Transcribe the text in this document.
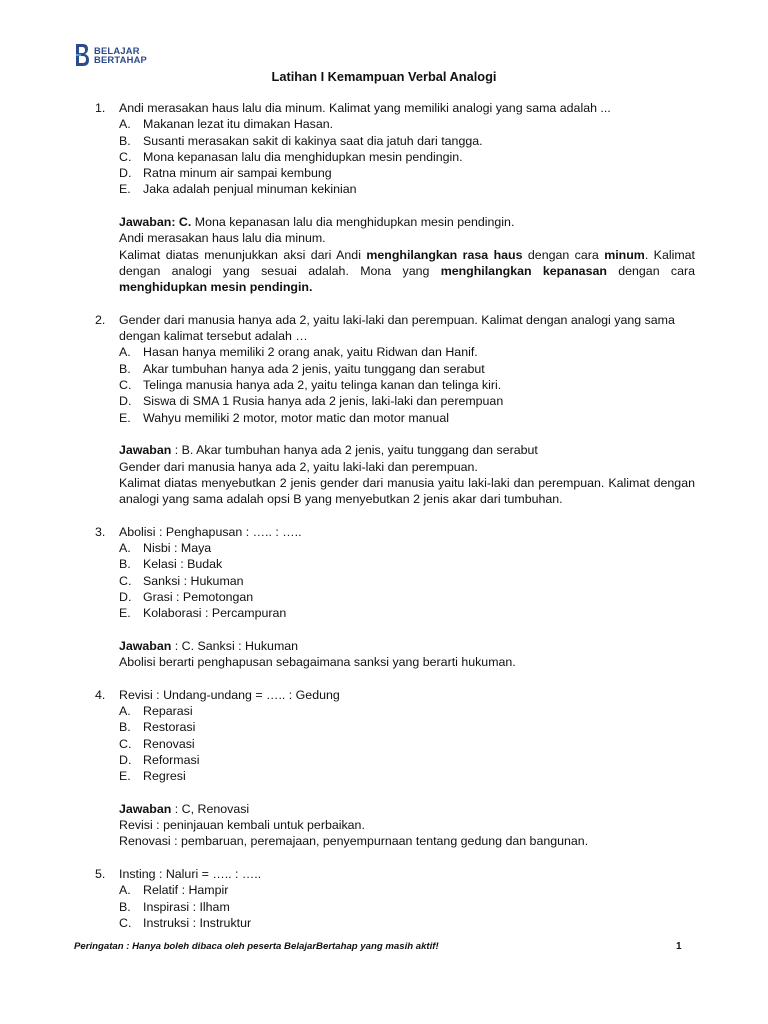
BELAJAR
BERTAHAP
Latihan I Kemampuan Verbal Analogi
1.	Andi merasakan haus lalu dia minum. Kalimat yang memiliki analogi yang sama adalah ...
A. Makanan lezat itu dimakan Hasan.
B. Susanti merasakan sakit di kakinya saat dia jatuh dari tangga.
C. Mona kepanasan lalu dia menghidupkan mesin pendingin.
D. Ratna minum air sampai kembung
E. Jaka adalah penjual minuman kekinian
Jawaban: C. Mona kepanasan lalu dia menghidupkan mesin pendingin.
Andi merasakan haus lalu dia minum.
Kalimat diatas menunjukkan aksi dari Andi menghilangkan rasa haus dengan cara minum. Kalimat dengan analogi yang sesuai adalah. Mona yang menghilangkan kepanasan dengan cara menghidupkan mesin pendingin.
2.	Gender dari manusia hanya ada 2, yaitu laki-laki dan perempuan. Kalimat dengan analogi yang sama dengan kalimat tersebut adalah …
A. Hasan hanya memiliki 2 orang anak, yaitu Ridwan dan Hanif.
B. Akar tumbuhan hanya ada 2 jenis, yaitu tunggang dan serabut
C. Telinga manusia hanya ada 2, yaitu telinga kanan dan telinga kiri.
D. Siswa di SMA 1 Rusia hanya ada 2 jenis, laki-laki dan perempuan
E. Wahyu memiliki 2 motor, motor matic dan motor manual
Jawaban : B. Akar tumbuhan hanya ada 2 jenis, yaitu tunggang dan serabut
Gender dari manusia hanya ada 2, yaitu laki-laki dan perempuan.
Kalimat diatas menyebutkan 2 jenis gender dari manusia yaitu laki-laki dan perempuan. Kalimat dengan analogi yang sama adalah opsi B yang menyebutkan 2 jenis akar dari tumbuhan.
3.	Abolisi : Penghapusan : ….. : …..
A. Nisbi : Maya
B. Kelasi : Budak
C. Sanksi : Hukuman
D. Grasi : Pemotongan
E. Kolaborasi : Percampuran
Jawaban : C. Sanksi : Hukuman
Abolisi berarti penghapusan sebagaimana sanksi yang berarti hukuman.
4.	Revisi : Undang-undang = ….. : Gedung
A. Reparasi
B. Restorasi
C. Renovasi
D. Reformasi
E. Regresi
Jawaban : C, Renovasi
Revisi : peninjauan kembali untuk perbaikan.
Renovasi : pembaruan, peremajaan, penyempurnaan tentang gedung dan bangunan.
5.	Insting : Naluri = ….. : …..
A. Relatif : Hampir
B. Inspirasi : Ilham
C. Instruksi : Instruktur
Peringatan : Hanya boleh dibaca oleh peserta BelajarBertahap yang masih aktif!	1
